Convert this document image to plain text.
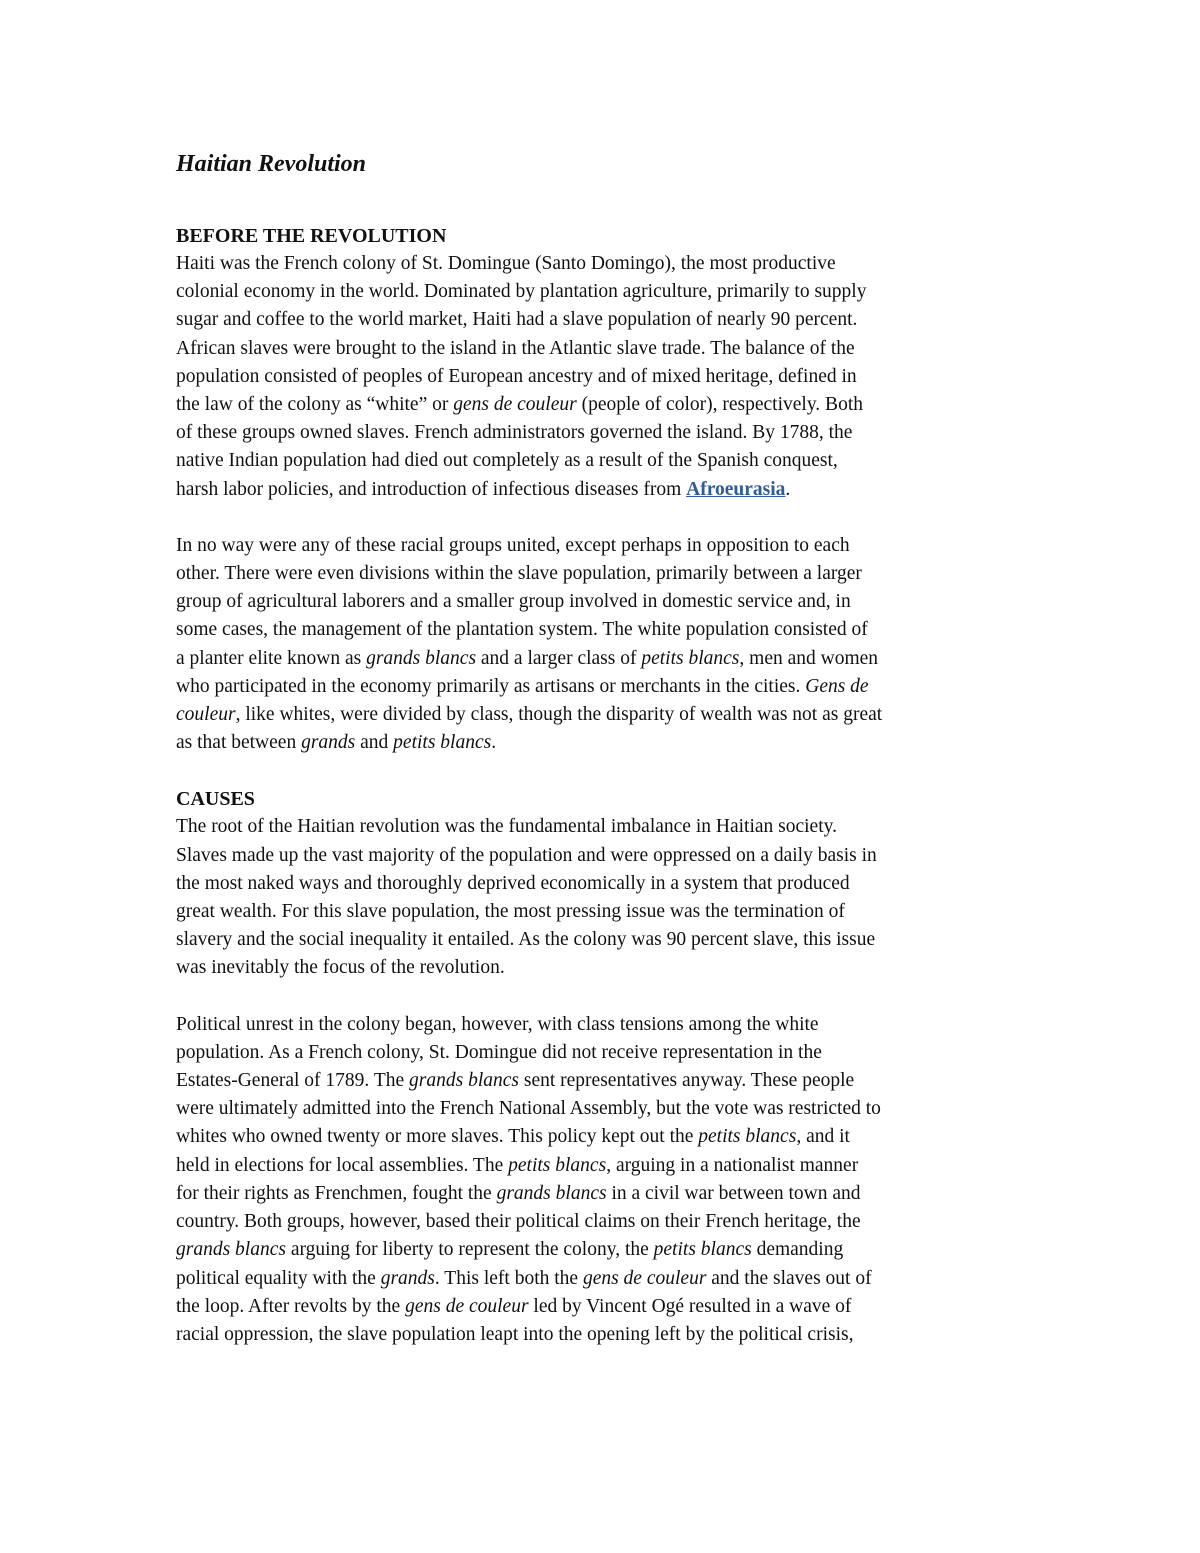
Haitian Revolution
BEFORE THE REVOLUTION

Haiti was the French colony of St. Domingue (Santo Domingo), the most productive
colonial economy in the world. Dominated by plantation agriculture, primarily to supply
sugar and coffee to the world market, Haiti had a slave population of nearly 90 percent.
African slaves were brought to the island in the Atlantic slave trade. The balance of the
population consisted of peoples of European ancestry and of mixed heritage, defined in
the law of the colony as “white” or gens de couleur (people of color), respectively. Both
of these groups owned slaves. French administrators governed the island. By 1788, the
native Indian population had died out completely as a result of the Spanish conquest,
harsh labor policies, and introduction of infectious diseases from Afroeurasia.

In no way were any of these racial groups united, except perhaps in opposition to each
other. There were even divisions within the slave population, primarily between a larger
group of agricultural laborers and a smaller group involved in domestic service and, in
some cases, the management of the plantation system. The white population consisted of
a planter elite known as grands blancs and a larger class of petits blancs, men and women
who participated in the economy primarily as artisans or merchants in the cities. Gens de
couleur, like whites, were divided by class, though the disparity of wealth was not as great
as that between grands and petits blancs.

CAUSES

The root of the Haitian revolution was the fundamental imbalance in Haitian society.
Slaves made up the vast majority of the population and were oppressed on a daily basis in
the most naked ways and thoroughly deprived economically in a system that produced
great wealth. For this slave population, the most pressing issue was the termination of
slavery and the social inequality it entailed. As the colony was 90 percent slave, this issue
was inevitably the focus of the revolution.

Political unrest in the colony began, however, with class tensions among the white
population. As a French colony, St. Domingue did not receive representation in the
Estates-General of 1789. The grands blancs sent representatives anyway. These people
were ultimately admitted into the French National Assembly, but the vote was restricted to
whites who owned twenty or more slaves. This policy kept out the petits blancs, and it
held in elections for local assemblies. The petits blancs, arguing in a nationalist manner
for their rights as Frenchmen, fought the grands blancs in a civil war between town and
country. Both groups, however, based their political claims on their French heritage, the
grands blancs arguing for liberty to represent the colony, the petits blancs demanding
political equality with the grands. This left both the gens de couleur and the slaves out of
the loop. After revolts by the gens de couleur led by Vincent Ogé resulted in a wave of
racial oppression, the slave population leapt into the opening left by the political crisis,
